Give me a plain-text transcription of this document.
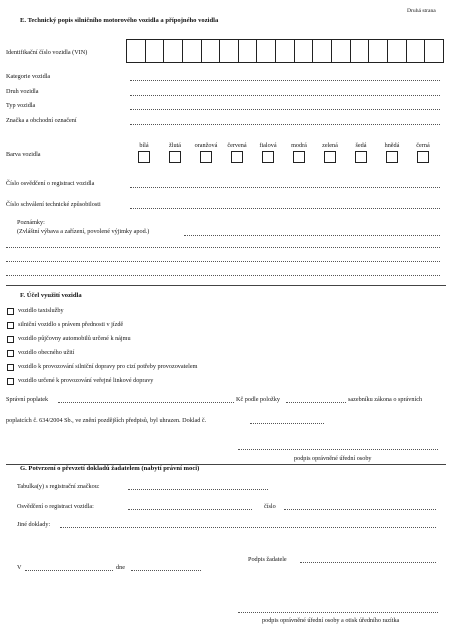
Druhá strana
E. Technický popis silničního motorového vozidla a přípojného vozidla
Identifikační číslo vozidla (VIN)
Kategorie vozidla
Druh vozidla
Typ vozidla
Značka a obchodní označení
Barva vozidla
bílá	žlutá	oranžová	červená	fialová	modrá	zelená	šedá	hnědá	černá
Číslo osvědčení o registraci vozidla
Číslo schválení technické způsobilosti
Poznámky:
(Zvláštní výbava a zařízení, povolené výjimky apod.)
F. Účel využití vozidla
vozidlo taxislužby
silniční vozidlo s právem přednosti v jízdě
vozidlo půjčovny automobilů určené k nájmu
vozidlo obecného užití
vozidlo k provozování silniční dopravy pro cizí potřeby provozovatelem
vozidlo určené k provozování veřejné linkové dopravy
Správní poplatek	Kč podle položky	sazebníku zákona o správních
poplatcích č. 634/2004 Sb., ve znění pozdějších předpisů, byl uhrazen. Doklad č.
podpis oprávněné úřední osoby
G. Potvrzení o převzetí dokladů žadatelem (nabytí právní moci)
Tabulka(y) s registrační značkou:
Osvědčení o registraci vozidla:	číslo
Jiné doklady:
Podpis žadatele
V	dne
podpis oprávněné úřední osoby a otisk úředního razítka
